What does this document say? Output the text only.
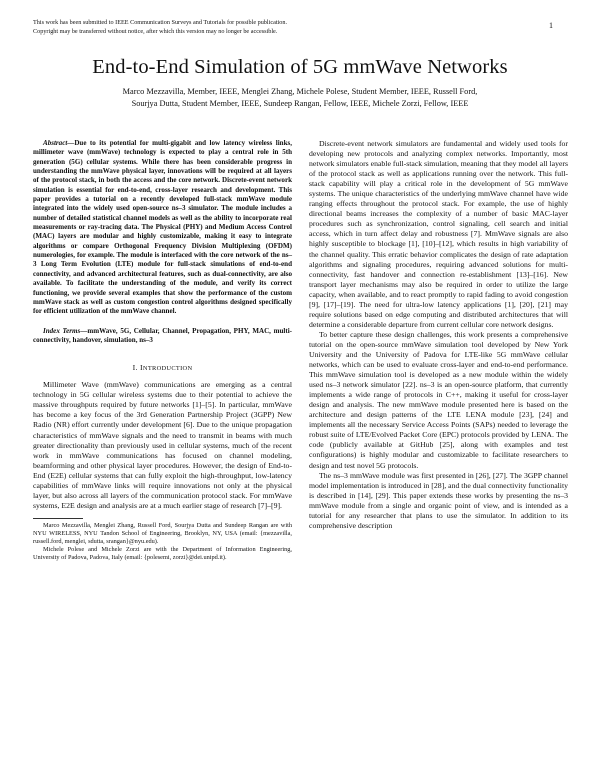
This work has been submitted to IEEE Communication Surveys and Tutorials for possible publication.
Copyright may be transferred without notice, after which this version may no longer be accessible.
1
End-to-End Simulation of 5G mmWave Networks
Marco Mezzavilla, Member, IEEE, Menglei Zhang, Michele Polese, Student Member, IEEE, Russell Ford,
Sourjya Dutta, Student Member, IEEE, Sundeep Rangan, Fellow, IEEE, Michele Zorzi, Fellow, IEEE

Abstract—Due to its potential for multi-gigabit and low latency wireless links, millimeter wave (mmWave) technology is expected to play a central role in 5th generation (5G) cellular systems. While there has been considerable progress in understanding the mmWave physical layer, innovations will be required at all layers of the protocol stack, in both the access and the core network. Discrete-event network simulation is essential for end-to-end, cross-layer research and development. This paper provides a tutorial on a recently developed full-stack mmWave module integrated into the widely used open-source ns–3 simulator. The module includes a number of detailed statistical channel models as well as the ability to incorporate real measurements or ray-tracing data. The Physical (PHY) and Medium Access Control (MAC) layers are modular and highly customizable, making it easy to integrate algorithms or compare Orthogonal Frequency Division Multiplexing (OFDM) numerologies, for example. The module is interfaced with the core network of the ns–3 Long Term Evolution (LTE) module for full-stack simulations of end-to-end connectivity, and advanced architectural features, such as dual-connectivity, are also available. To facilitate the understanding of the module, and verify its correct functioning, we provide several examples that show the performance of the custom mmWave stack as well as custom congestion control algorithms designed specifically for efficient utilization of the mmWave channel.

Index Terms—mmWave, 5G, Cellular, Channel, Propagation, PHY, MAC, multi-connectivity, handover, simulation, ns–3

I. INTRODUCTION

Millimeter Wave (mmWave) communications are emerging as a central technology in 5G cellular wireless systems due to their potential to achieve the massive throughputs required by future networks [1]–[5]. In particular, mmWave has become a key focus of the 3rd Generation Partnership Project (3GPP) New Radio (NR) effort currently under development [6]. Due to the unique propagation characteristics of mmWave signals and the need to transmit in beams with much greater directionality than previously used in cellular systems, much of the recent work in mmWave communications has focused on channel modeling, beamforming and other physical layer procedures. However, the design of End-to-End (E2E) cellular systems that can fully exploit the high-throughput, low-latency capabilities of mmWave links will require innovations not only at the physical layer, but also across all layers of the communication protocol stack. For mmWave systems, E2E design and analysis are at a much earlier stage of research [7]–[9].

Marco Mezzavilla, Menglei Zhang, Russell Ford, Sourjya Dutta and Sundeep Rangan are with NYU WIRELESS, NYU Tandon School of Engineering, Brooklyn, NY, USA (email: {mezzavilla, russell.ford, menglei, sdutta, srangan}@nyu.edu).

Michele Polese and Michele Zorzi are with the Department of Information Engineering, University of Padova, Padova, Italy (email: {polesemi, zorzi}@dei.unipd.it).

Discrete-event network simulators are fundamental and widely used tools for developing new protocols and analyzing complex networks. Importantly, most network simulators enable full-stack simulation, meaning that they model all layers of the protocol stack as well as applications running over the network. This full-stack capability will play a critical role in the development of 5G mmWave systems. The unique characteristics of the underlying mmWave channel have wide ranging effects throughout the protocol stack. For example, the use of highly directional beams increases the complexity of a number of basic MAC-layer procedures such as synchronization, control signaling, cell search and initial access, which in turn affect delay and robustness [7]. MmWave signals are also highly susceptible to blockage [1], [10]–[12], which results in high variability of the channel quality. This erratic behavior complicates the design of rate adaptation algorithms and signaling procedures, requiring advanced solutions for multi-connectivity, fast handover and connection re-establishment [13]–[16]. New transport layer mechanisms may also be required in order to utilize the large capacity, when available, and to react promptly to rapid fading to avoid congestion [9], [17]–[19]. The need for ultra-low latency applications [1], [20], [21] may require solutions based on edge computing and distributed architectures that will determine a considerable departure from current cellular core network designs.

To better capture these design challenges, this work presents a comprehensive tutorial on the open-source mmWave simulation tool developed by New York University and the University of Padova for LTE-like 5G mmWave cellular networks, which can be used to evaluate cross-layer and end-to-end performance. This mmWave simulation tool is developed as a new module within the widely used ns–3 network simulator [22]. ns–3 is an open-source platform, that currently implements a wide range of protocols in C++, making it useful for cross-layer design and analysis. The new mmWave module presented here is based on the architecture and design patterns of the LTE LENA module [23], [24] and implements all the necessary Service Access Points (SAPs) needed to leverage the robust suite of LTE/Evolved Packet Core (EPC) protocols provided by LENA. The code (publicly available at GitHub [25], along with examples and test configurations) is highly modular and customizable to facilitate researchers to design and test novel 5G protocols.

The ns–3 mmWave module was first presented in [26], [27]. The 3GPP channel model implementation is introduced in [28], and the dual connectivity functionality is described in [14], [29]. This paper extends these works by presenting the ns–3 mmWave module from a single and organic point of view, and is intended as a tutorial for any researcher that plans to use the simulator. In addition to its comprehensive description
